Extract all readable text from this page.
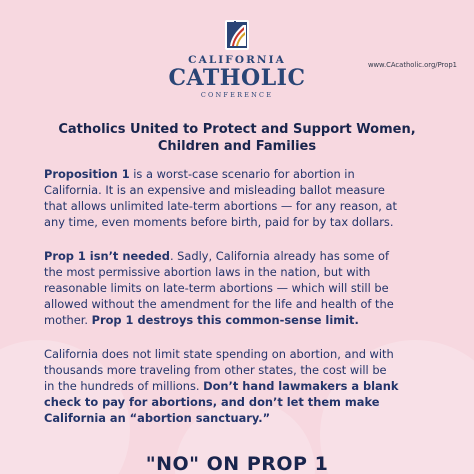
CALIFORNIA
CATHOLIC
CONFERENCE
www.CAcatholic.org/Prop1
Catholics United to Protect and Support Women,
Children and Families
Proposition 1 is a worst-case scenario for abortion in
California. It is an expensive and misleading ballot measure
that allows unlimited late-term abortions — for any reason, at
any time, even moments before birth, paid for by tax dollars.
Prop 1 isn’t needed. Sadly, California already has some of
the most permissive abortion laws in the nation, but with
reasonable limits on late-term abortions — which will still be
allowed without the amendment for the life and health of the
mother. Prop 1 destroys this common-sense limit.
California does not limit state spending on abortion, and with
thousands more traveling from other states, the cost will be
in the hundreds of millions. Don’t hand lawmakers a blank
check to pay for abortions, and don’t let them make
California an “abortion sanctuary.”
"NO" ON PROP 1
